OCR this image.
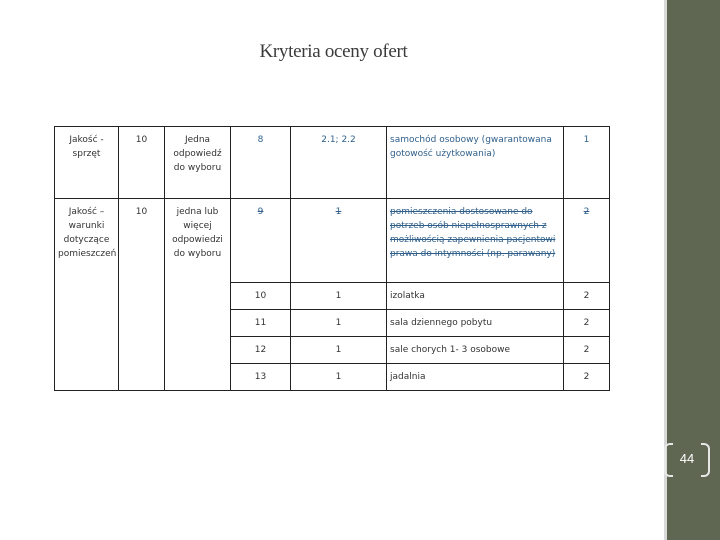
Kryteria oceny ofert
Jakość - sprzęt	10	Jedna odpowiedź do wyboru	8	2.1; 2.2	samochód osobowy (gwarantowana gotowość użytkowania)	1
Jakość – warunki dotyczące pomieszczeń	10	jedna lub więcej odpowiedzi do wyboru	9	1	pomieszczenia dostosowane do potrzeb osób niepełnosprawnych z możliwością zapewnienia pacjentowi prawa do intymności (np. parawany)	2
			10	1	izolatka	2
			11	1	sala dziennego pobytu	2
			12	1	sale chorych 1- 3 osobowe	2
			13	1	jadalnia	2
44
